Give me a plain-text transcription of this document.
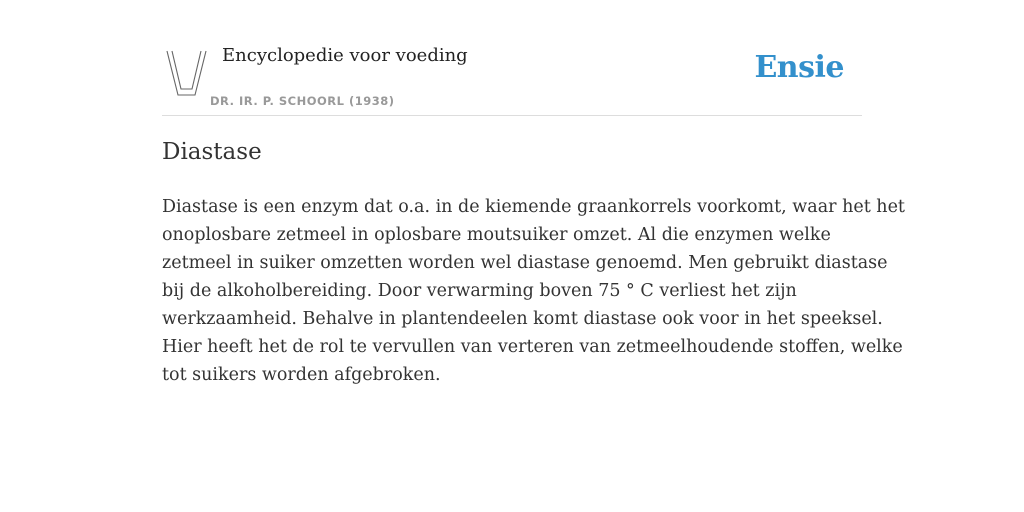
Encyclopedie voor voeding
DR. IR. P. SCHOORL (1938)
Ensie
Diastase

Diastase is een enzym dat o.a. in de kiemende graankorrels voorkomt, waar het het
onoplosbare zetmeel in oplosbare moutsuiker omzet. Al die enzymen welke
zetmeel in suiker omzetten worden wel diastase genoemd. Men gebruikt diastase
bij de alkoholbereiding. Door verwarming boven 75 ° C verliest het zijn
werkzaamheid. Behalve in plantendeelen komt diastase ook voor in het speeksel.
Hier heeft het de rol te vervullen van verteren van zetmeelhoudende stoffen, welke
tot suikers worden afgebroken.
